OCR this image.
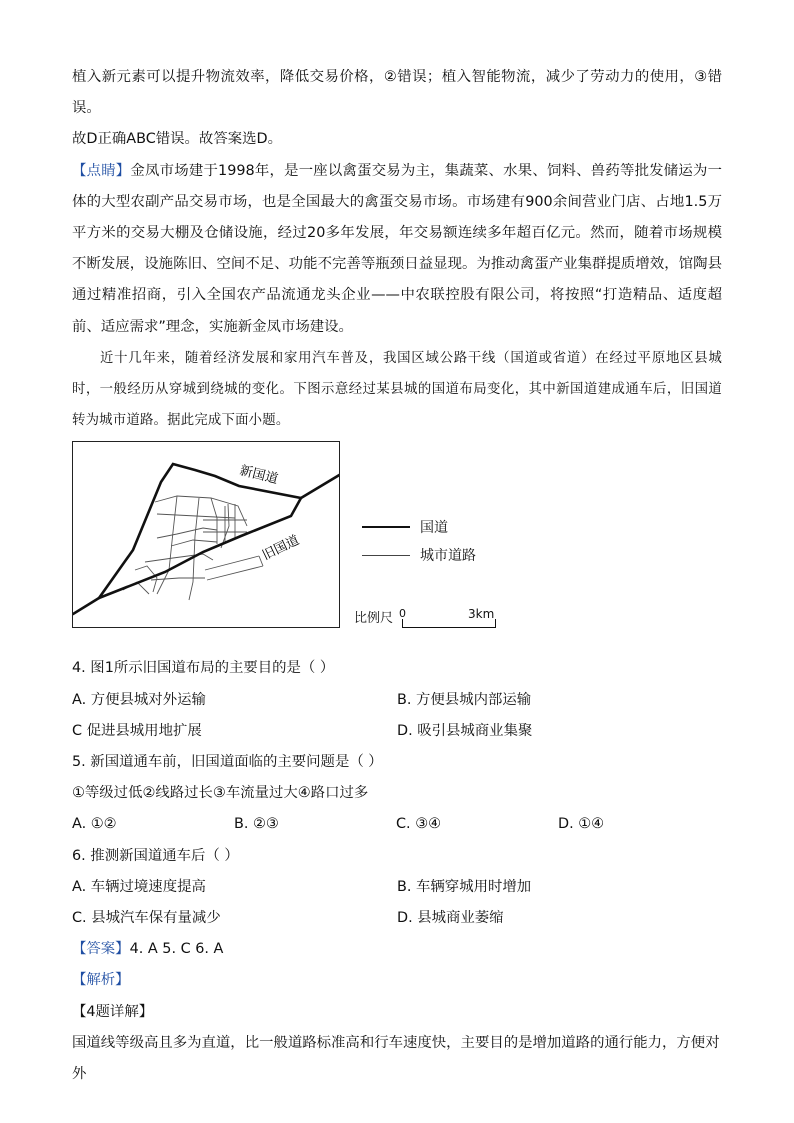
植入新元素可以提升物流效率，降低交易价格，②错误；植入智能物流，减少了劳动力的使用，③错误。

故D正确ABC错误。故答案选D。

【点睛】金凤市场建于1998年，是一座以禽蛋交易为主，集蔬菜、水果、饲料、兽药等批发储运为一体的大型农副产品交易市场，也是全国最大的禽蛋交易市场。市场建有900余间营业门店、占地1.5万平方米的交易大棚及仓储设施，经过20多年发展，年交易额连续多年超百亿元。然而，随着市场规模不断发展，设施陈旧、空间不足、功能不完善等瓶颈日益显现。为推动禽蛋产业集群提质增效，馆陶县通过精准招商，引入全国农产品流通龙头企业——中农联控股有限公司，将按照“打造精品、适度超前、适应需求”理念，实施新金凤市场建设。

近十几年来，随着经济发展和家用汽车普及，我国区域公路干线（国道或省道）在经过平原地区县城时，一般经历从穿城到绕城的变化。下图示意经过某县城的国道布局变化，其中新国道建成通车后，旧国道转为城市道路。据此完成下面小题。

新国道
旧国道
国道
城市道路
比例尺 0	3km

4. 图1所示旧国道布局的主要目的是（ ）

A. 方便县城对外运输	B. 方便县城内部运输
C 促进县城用地扩展	D. 吸引县城商业集聚

5. 新国道通车前，旧国道面临的主要问题是（ ）

①等级过低②线路过长③车流量过大④路口过多

A. ①②	B. ②③	C. ③④	D. ①④

6. 推测新国道通车后（ ）

A. 车辆过境速度提高	B. 车辆穿城用时增加
C. 县城汽车保有量减少	D. 县城商业萎缩

【答案】4. A 5. C 6. A

【解析】

【4题详解】

国道线等级高且多为直道，比一般道路标准高和行车速度快，主要目的是增加道路的通行能力，方便对外
